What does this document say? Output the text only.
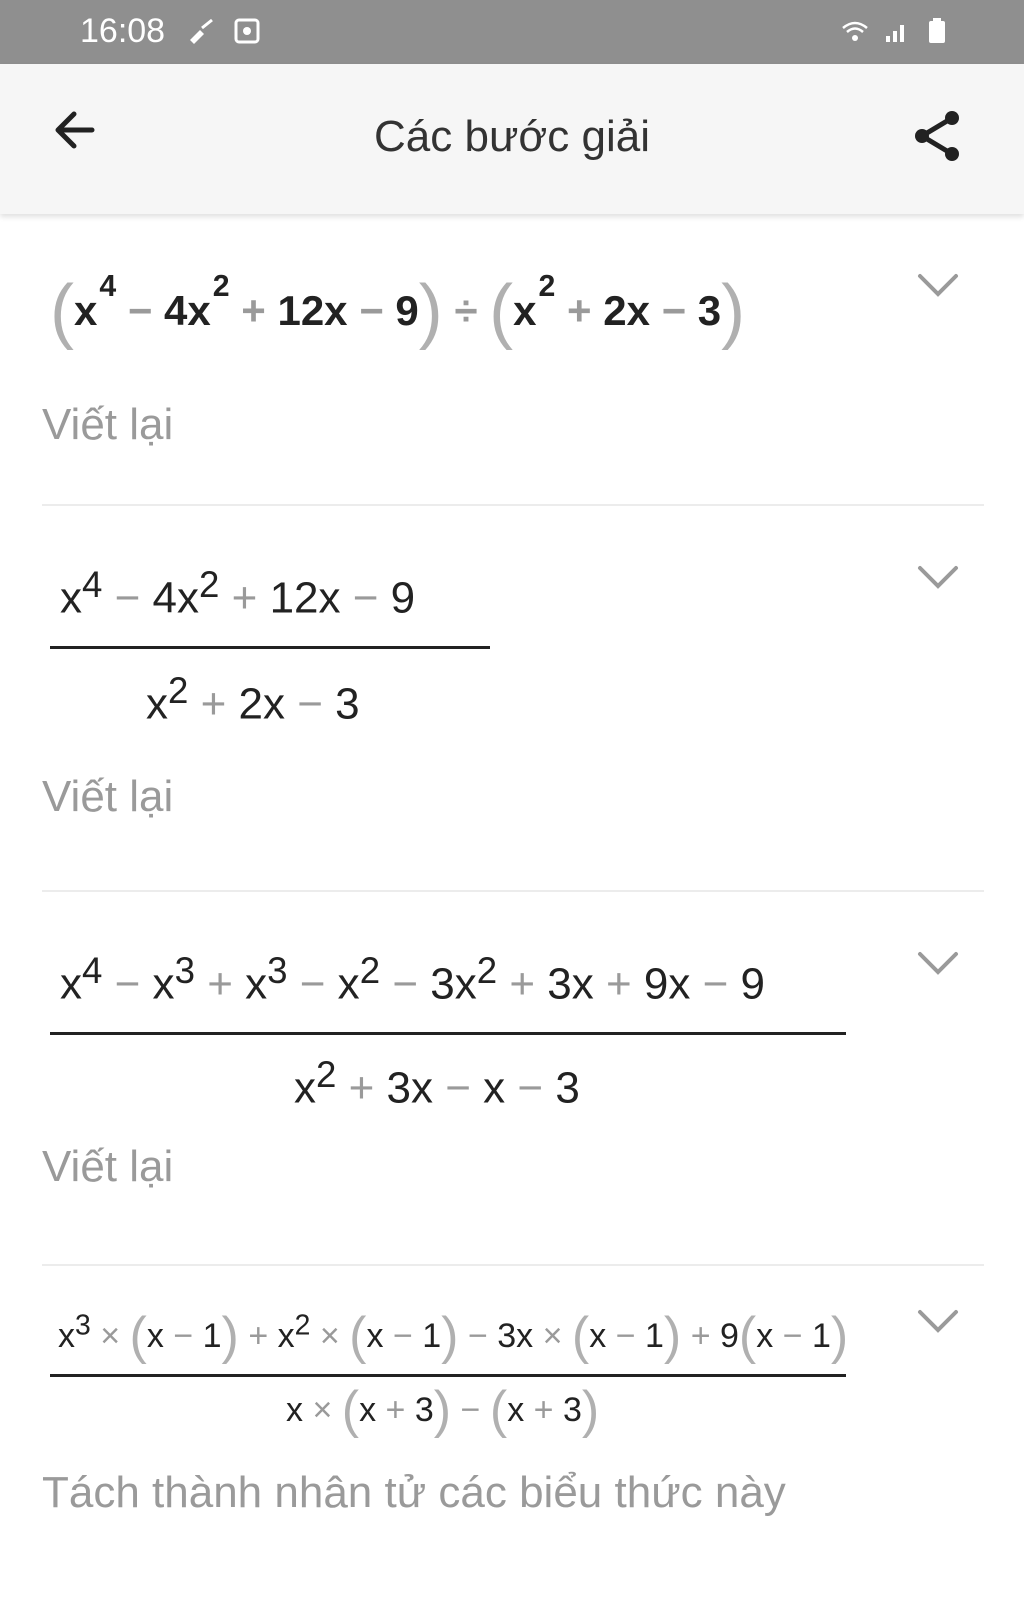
16:08
Các bước giải
$(x^4 - 4x^2 + 12x - 9) \div (x^2 + 2x - 3)$
Viết lại
$x^4 - 4x^2 + 12x - 9$
$x^2 + 2x - 3$
Viết lại
$x^4 - x^3 + x^3 - x^2 - 3x^2 + 3x + 9x - 9$
$x^2 + 3x - x - 3$
Viết lại
$x^3 \times (x - 1) + x^2 \times (x - 1) - 3x \times (x - 1) + 9(x - 1)$
x × (x + 3) − (x + 3)
Tách thành nhân tử các biểu thức này
